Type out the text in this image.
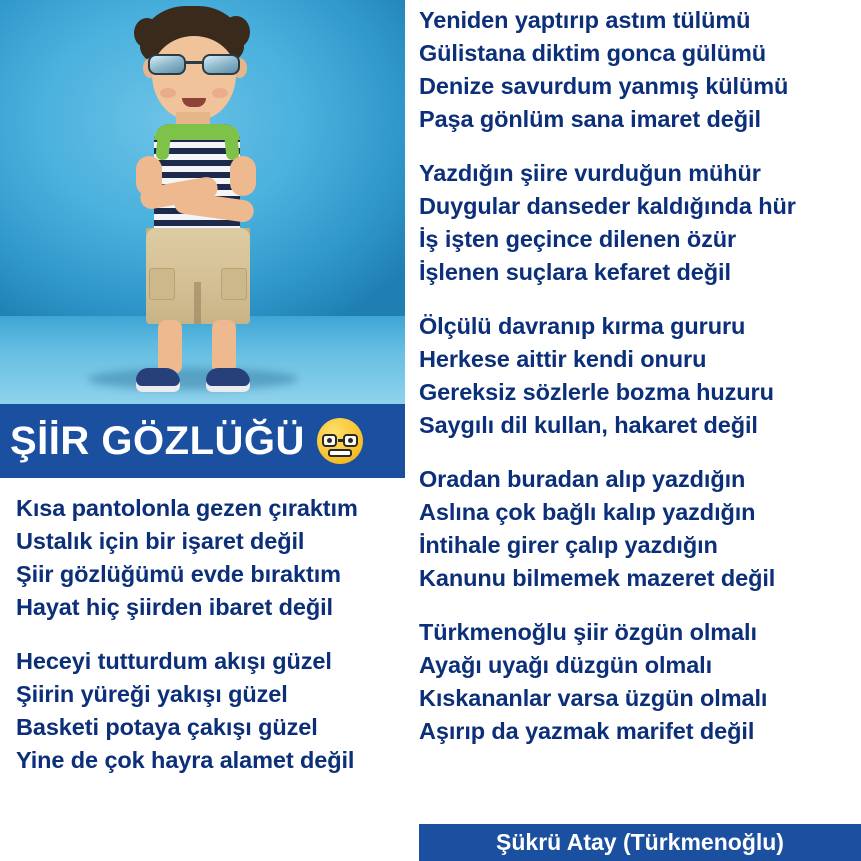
ŞİİR GÖZLÜĞÜ
Kısa pantolonla gezen çıraktım
Ustalık için bir işaret değil
Şiir gözlüğümü evde bıraktım
Hayat hiç şiirden ibaret değil
Heceyi tutturdum akışı güzel
Şiirin yüreği yakışı güzel
Basketi potaya çakışı güzel
Yine de çok hayra alamet değil
Yeniden yaptırıp astım tülümü
Gülistana diktim gonca gülümü
Denize savurdum yanmış külümü
Paşa gönlüm sana imaret değil
Yazdığın şiire vurduğun mühür
Duygular danseder kaldığında hür
İş işten geçince dilenen özür
İşlenen suçlara kefaret değil
Ölçülü davranıp kırma gururu
Herkese aittir kendi onuru
Gereksiz sözlerle bozma huzuru
Saygılı dil kullan, hakaret değil
Oradan buradan alıp yazdığın
Aslına çok bağlı kalıp yazdığın
İntihale girer çalıp yazdığın
Kanunu bilmemek mazeret değil
Türkmenoğlu şiir özgün olmalı
Ayağı uyağı düzgün olmalı
Kıskananlar varsa üzgün olmalı
Aşırıp da yazmak marifet değil
Şükrü Atay (Türkmenoğlu)
